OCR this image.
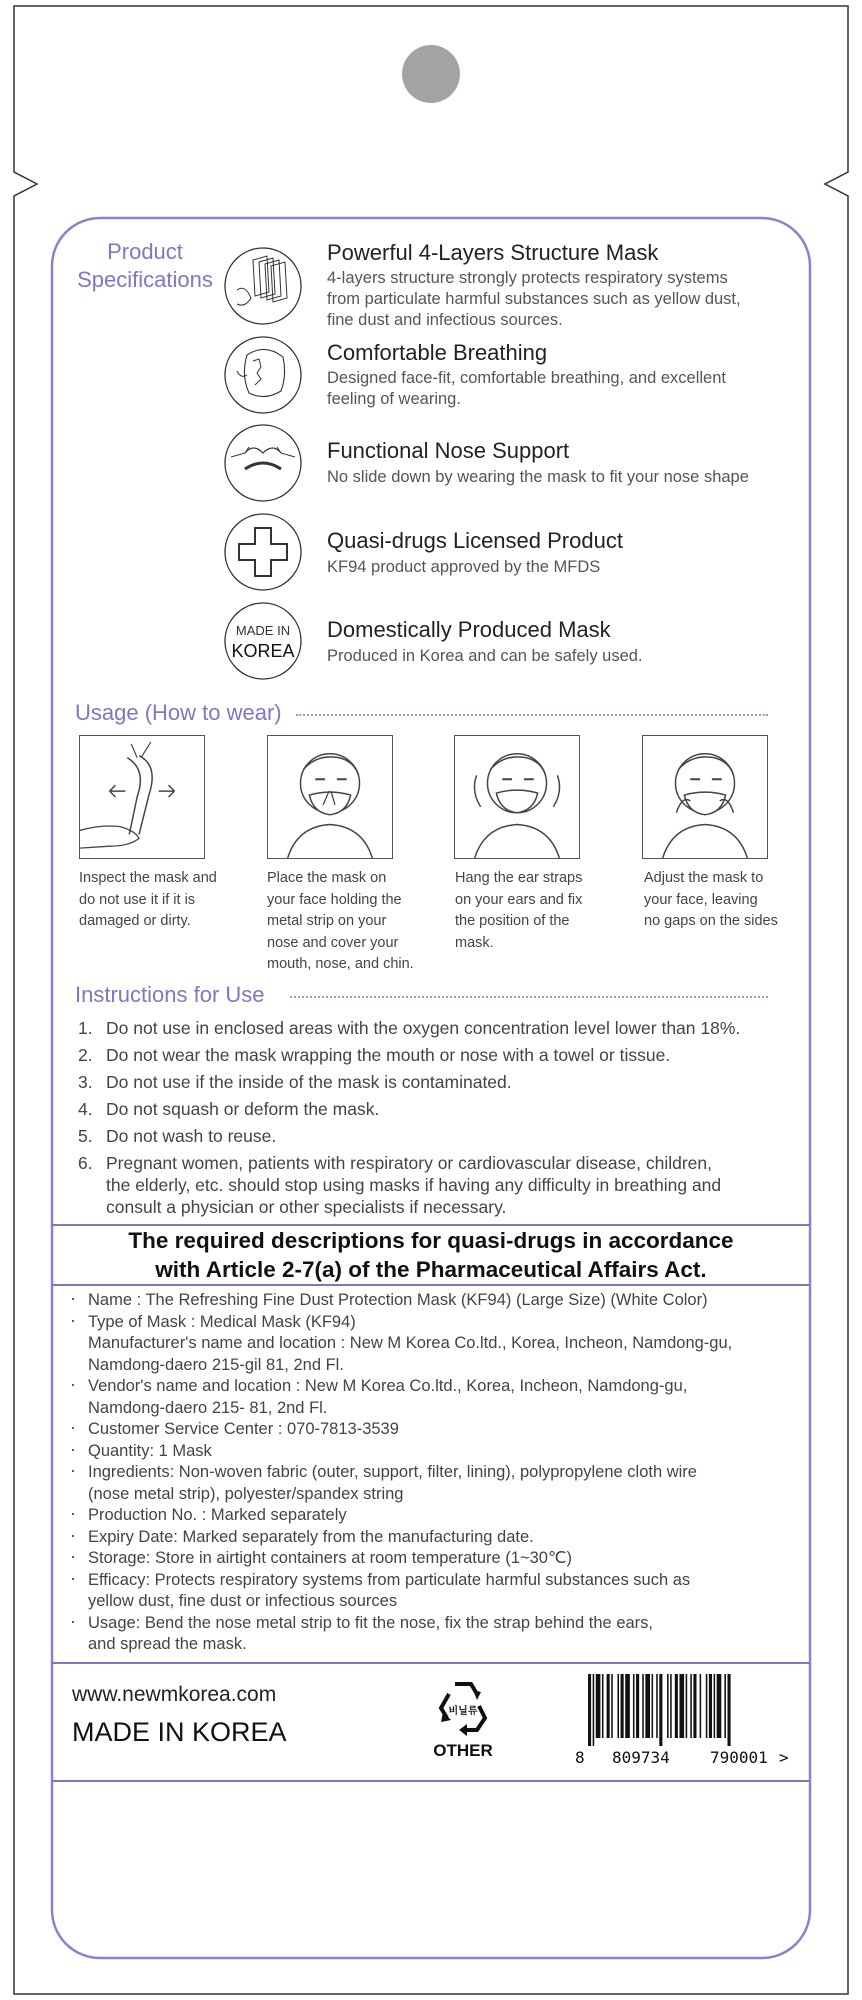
Product
Specifications
Powerful 4-Layers Structure Mask
4-layers structure strongly protects respiratory systems
from particulate harmful substances such as yellow dust,
fine dust and infectious sources.
Comfortable Breathing
Designed face-fit, comfortable breathing, and excellent
feeling of wearing.
Functional Nose Support
No slide down by wearing the mask to fit your nose shape
Quasi-drugs Licensed Product
KF94 product approved by the MFDS
MADE IN
KOREA
Domestically Produced Mask
Produced in Korea and can be safely used.
Usage (How to wear)
Inspect the mask and
do not use it if it is
damaged or dirty.
Place the mask on
your face holding the
metal strip on your
nose and cover your
mouth, nose, and chin.
Hang the ear straps
on your ears and fix
the position of the
mask.
Adjust the mask to
your face, leaving
no gaps on the sides
Instructions for Use
1. Do not use in enclosed areas with the oxygen concentration level lower than 18%.
2. Do not wear the mask wrapping the mouth or nose with a towel or tissue.
3. Do not use if the inside of the mask is contaminated.
4. Do not squash or deform the mask.
5. Do not wash to reuse.
6. Pregnant women, patients with respiratory or cardiovascular disease, children,
the elderly, etc. should stop using masks if having any difficulty in breathing and
consult a physician or other specialists if necessary.
The required descriptions for quasi-drugs in accordance
with Article 2-7(a) of the Pharmaceutical Affairs Act.
· Name : The Refreshing Fine Dust Protection Mask (KF94) (Large Size) (White Color)
· Type of Mask : Medical Mask (KF94)
Manufacturer's name and location : New M Korea Co.ltd., Korea, Incheon, Namdong-gu,
Namdong-daero 215-gil 81, 2nd Fl.
· Vendor's name and location : New M Korea Co.ltd., Korea, Incheon, Namdong-gu,
Namdong-daero 215- 81, 2nd Fl.
· Customer Service Center : 070-7813-3539
· Quantity: 1 Mask
· Ingredients: Non-woven fabric (outer, support, filter, lining), polypropylene cloth wire
(nose metal strip), polyester/spandex string
· Production No. : Marked separately
· Expiry Date: Marked separately from the manufacturing date.
· Storage: Store in airtight containers at room temperature (1~30℃)
· Efficacy: Protects respiratory systems from particulate harmful substances such as
yellow dust, fine dust or infectious sources
· Usage: Bend the nose metal strip to fit the nose, fix the strap behind the ears,
and spread the mask.
www.newmkorea.com
MADE IN KOREA
비닐류
OTHER	8 809734	790001 >
